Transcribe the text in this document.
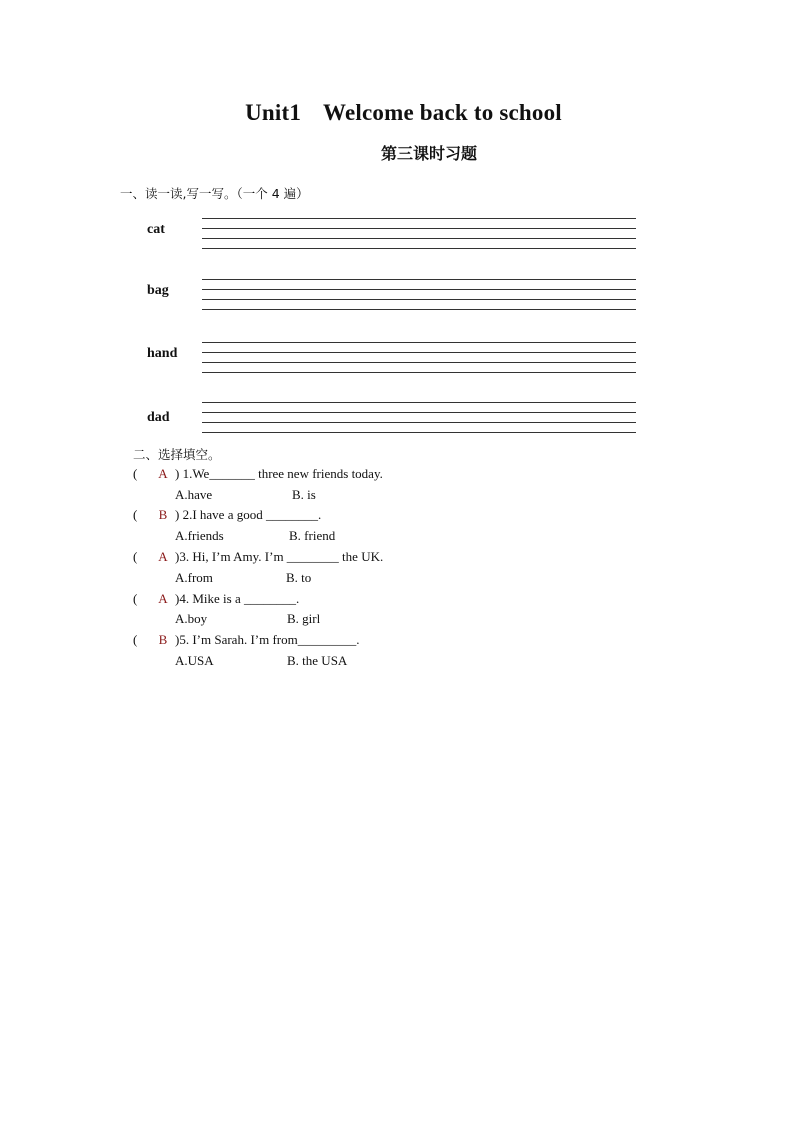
Unit1 Welcome back to school
第三课时习题
一、读一读,写一写。（一个 4 遍）
cat
bag
hand
dad
二、选择填空。
( A ) 1.We_______ three new friends today.
A.have	B. is
( B ) 2.I have a good ________.
A.friends	B. friend
( A )3. Hi, I’m Amy. I’m ________ the UK.
A.from	B. to
( A )4. Mike is a ________.
A.boy	B. girl
( B )5. I’m Sarah. I’m from_________.
A.USA	B. the USA
